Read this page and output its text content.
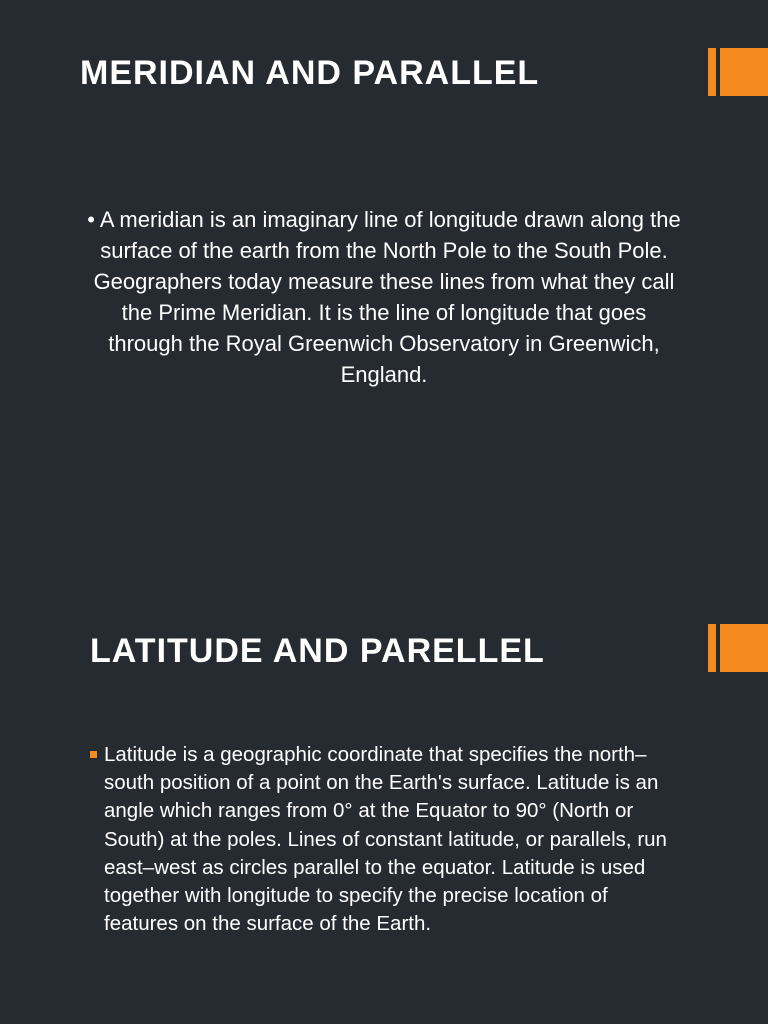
MERIDIAN AND PARALLEL

• A meridian is an imaginary line of longitude drawn along the surface of the earth from the North Pole to the South Pole. Geographers today measure these lines from what they call the Prime Meridian. It is the line of longitude that goes through the Royal Greenwich Observatory in Greenwich, England.

LATITUDE AND PARELLEL
Latitude is a geographic coordinate that specifies the north–south position of a point on the Earth's surface. Latitude is an angle which ranges from 0° at the Equator to 90° (North or South) at the poles. Lines of constant latitude, or parallels, run east–west as circles parallel to the equator. Latitude is used together with longitude to specify the precise location of features on the surface of the Earth.
